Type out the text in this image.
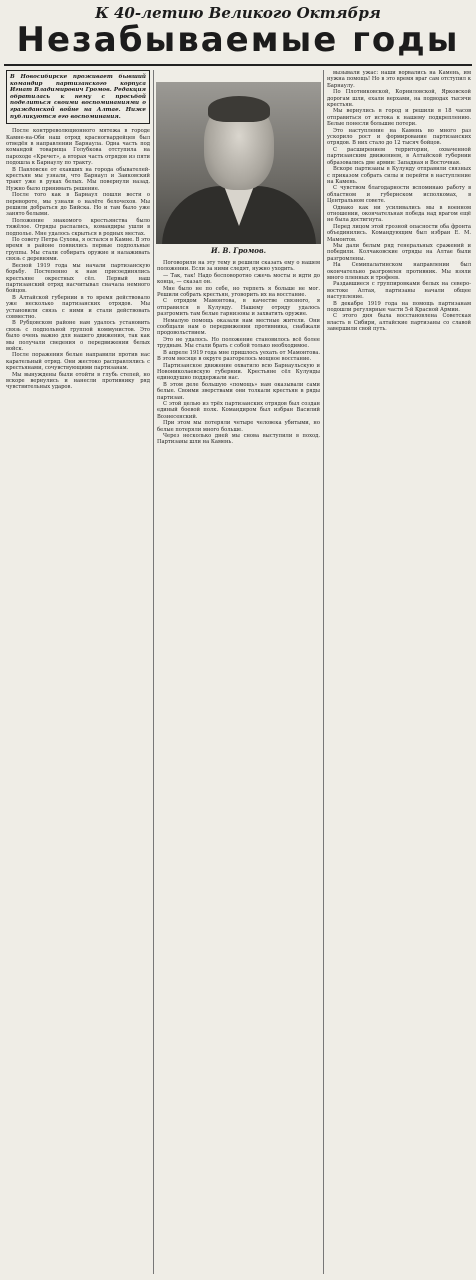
К 40-летию Великого Октября
Незабываемые годы
В Новосибирске проживает бывший командир партизанского корпуса Игнат Владимирович Громов. Редакция обратилась к нему с просьбой поделиться своими воспоминаниями о гражданской войне на Алтае. Ниже публикуются его воспоминания.

После контрреволюционного мятежа в городе Камне-на-Оби наш отряд красногвардейцев был отведён в направлении Барнаула. Одна часть под командой товарища Голубкова отступила на пароходе «Кречет», а вторая часть отрядов из пяти подошла к Барнаулу по тракту.

В Павловске от ехавших на города обывателей-крестьян мы узнали, что Барнаул и Заиковский тракт уже в руках белых. Мы повернули назад. Нужно было принимать решение.

После того как в Барнаул пошли вести о перевороте, мы узнали о налёте белочехов. Мы решили добраться до Бийска. Но и там было уже занято белыми.

Положение знакомого крестьянства было тяжёлое. Отряды распались, командиры ушли в подполье. Мне удалось скрыться в родных местах.

По совету Петра Сухова, я остался в Камне. В это время в районе появились первые подпольные группы. Мы стали собирать оружие и налаживать связь с деревнями.

Весной 1919 года мы начали партизанскую борьбу. Постепенно к нам присоединялись крестьяне окрестных сёл. Первый наш партизанский отряд насчитывал сначала немного бойцов.

В Алтайской губернии в то время действовало уже несколько партизанских отрядов. Мы установили связь с ними и стали действовать совместно.

В Рубцовском районе нам удалось установить связь с подпольной группой коммунистов. Это было очень важно для нашего движения, так как мы получали сведения о передвижении белых войск.

После поражения белые направили против нас карательный отряд. Они жестоко расправлялись с крестьянами, сочувствующими партизанам.

Мы вынуждены были отойти в глубь степей, но вскоре вернулись и нанесли противнику ряд чувствительных ударов.

И. В. Громов.

Поговорили на эту тему и решили сказать ему о нашем положении. Если за ними следят, нужно уходить.

— Так, так! Надо бесповоротно сжечь мосты и идти до конца, — сказал он.

Мне было не по себе, но терпеть я больше не мог. Решили собрать крестьян, уговорить их на восстание.

С отрядом Мамонтова, в качестве связного, я отправился в Кулунду. Нашему отряду удалось разгромить там белые гарнизоны и захватить оружие.

Немалую помощь оказали нам местные жители. Они сообщали нам о передвижении противника, снабжали продовольствием.

Это не удалось. Но положение становилось всё более трудным. Мы стали брать с собой только необходимое.

В апреле 1919 года мне пришлось уехать от Мамонтова. В этом месяце в округе разгорелось мощное восстание.

Партизанское движение охватило всю Барнаульскую и Новониколаевскую губернии. Крестьяне сёл Кулунды единодушно поддержали нас.

В этом деле большую «помощь» нам оказывали сами белые. Своими зверствами они толкали крестьян в ряды партизан.

С этой целью из трёх партизанских отрядов был создан единый боевой полк. Командиром был избран Василий Вознесенский.

При этом мы потеряли четыре человека убитыми, но белые потеряли много больше.

Через несколько дней мы снова выступили в поход. Партизаны шли на Камень.

вызывали ужас: наши ворвались на Камень, им нужна помощь! Но в это время враг сам отступил к Барнаулу.

По Плотниковской, Корниловской, Ярковской дорогам шли, ехали верхами, на подводах тысячи крестьян.

Мы вернулись в город и решили в 18 часов отправиться от истока к нашему подкреплению. Белые понесли большие потери.

Это наступление на Камень во много раз ускорило рост и формирование партизанских отрядов. В них стало до 12 тысяч бойцов.

С расширением территории, охваченной партизанским движением, в Алтайской губернии образовались две армии: Западная и Восточная.

Вскоре партизаны в Кулунду отправили связных с приказом собрать силы и перейти в наступление на Камень.

С чувством благодарности вспоминаю работу в областном и губернском исполкомах, в Центральном совете.

Однако как ни усиливались мы в военном отношении, окончательная победа над врагом ещё не была достигнута.

Перед лицом этой грозной опасности оба фронта объединились. Командующим был избран Е. М. Мамонтов.

Мы дали белым ряд генеральных сражений и победили. Колчаковские отряды на Алтае были разгромлены.

На Семипалатинском направлении был окончательно разгромлен противник. Мы взяли много пленных и трофеев.

Раздавшиеся с группировками белых на северо-востоке Алтая, партизаны начали общее наступление.

В декабре 1919 года на помощь партизанам подошли регулярные части 5-й Красной Армии.

С этого дня была восстановлена Советская власть в Сибири, алтайские партизаны со славой завершили свой путь.
